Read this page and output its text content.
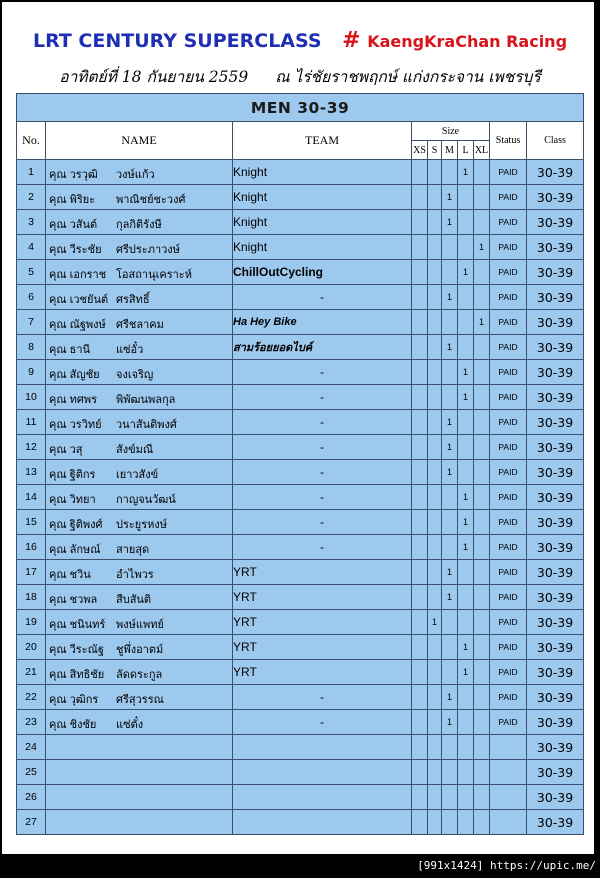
LRT CENTURY SUPERCLASS # KaengKraChan Racing
อาทิตย์ที่ 18 กันยายน 2559 ณ ไร่ชัยราชพฤกษ์ แก่งกระจาน เพชรบุรี
MEN 30-39									
No.	NAME	TEAM	Size					Status	Class
			XS	S	M	L	XL		
1	คุณ วรวุฒิ วงษ์แก้ว	Knight				1		PAID	30-39
2	คุณ พิริยะ พาณิชย์ชะวงศ์	Knight			1			PAID	30-39
3	คุณ วสันต์ กุลกิติรังษี	Knight			1			PAID	30-39
4	คุณ วีระชัย ศรีประภาวงษ์	Knight					1	PAID	30-39
5	คุณ เอกราช โอสถานุเคราะห์	ChillOutCycling				1		PAID	30-39
6	คุณ เวชยันต์ ศรสิทธิ์	-			1			PAID	30-39
7	คุณ ณัฐพงษ์ ศรีชลาคม	Ha Hey Bike					1	PAID	30-39
8	คุณ ธานี แซ่อั๋ว	สามร้อยยอดไบค์			1			PAID	30-39
9	คุณ สัญชัย จงเจริญ	-				1		PAID	30-39
10	คุณ ทศพร พิพัฒนพลกุล	-				1		PAID	30-39
11	คุณ วรวิทย์ วนาสันติพงศ์	-			1			PAID	30-39
12	คุณ วสุ สังข์มณี	-			1			PAID	30-39
13	คุณ ฐิติกร เยาวสังข์	-			1			PAID	30-39
14	คุณ วิทยา กาญจนวัฒน์	-				1		PAID	30-39
15	คุณ ฐิติพงศ์ ประยูรหงษ์	-				1		PAID	30-39
16	คุณ ลักษณ์ สายสุด	-				1		PAID	30-39
17	คุณ ชวิน อำไพวร	YRT			1			PAID	30-39
18	คุณ ชวพล สืบสันติ	YRT			1			PAID	30-39
19	คุณ ชนินทร์ พงษ์แพทย์	YRT		1				PAID	30-39
20	คุณ วีระณัฐ ชูพึ่งอาตม์	YRT				1		PAID	30-39
21	คุณ สิทธิชัย ลัดดระกูล	YRT				1		PAID	30-39
22	คุณ วุฒิกร ศรีสุวรรณ	-			1			PAID	30-39
23	คุณ ชิงชัย แซ่ตั๋ง	-			1			PAID	30-39
24									30-39
25									30-39
26									30-39
27									30-39
[991x1424] https://upic.me/
